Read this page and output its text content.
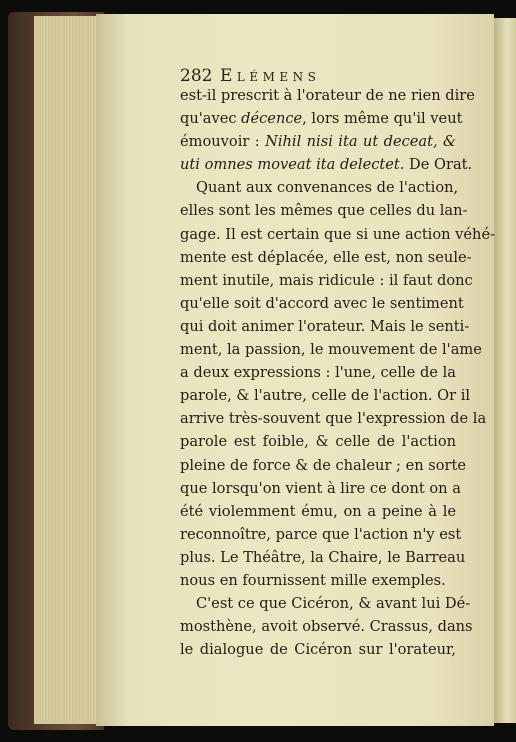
282 Elémens
est-il prescrit à l'orateur de ne rien dire
qu'avec décence, lors même qu'il veut
émouvoir : Nihil nisi ita ut deceat, &
uti omnes moveat ita delectet. De Orat.
Quant aux convenances de l'action,
elles sont les mêmes que celles du lan-
gage. Il est certain que si une action véhé-
mente est déplacée, elle est, non seule-
ment inutile, mais ridicule : il faut donc
qu'elle soit d'accord avec le sentiment
qui doit animer l'orateur. Mais le senti-
ment, la passion, le mouvement de l'ame
a deux expressions : l'une, celle de la
parole, & l'autre, celle de l'action. Or il
arrive très-souvent que l'expression de la
parole est foible, & celle de l'action
pleine de force & de chaleur ; en sorte
que lorsqu'on vient à lire ce dont on a
été violemment ému, on a peine à le
reconnoître, parce que l'action n'y est
plus. Le Théâtre, la Chaire, le Barreau
nous en fournissent mille exemples.
C'est ce que Cicéron, & avant lui Dé-
mosthène, avoit observé. Crassus, dans
le dialogue de Cicéron sur l'orateur,
